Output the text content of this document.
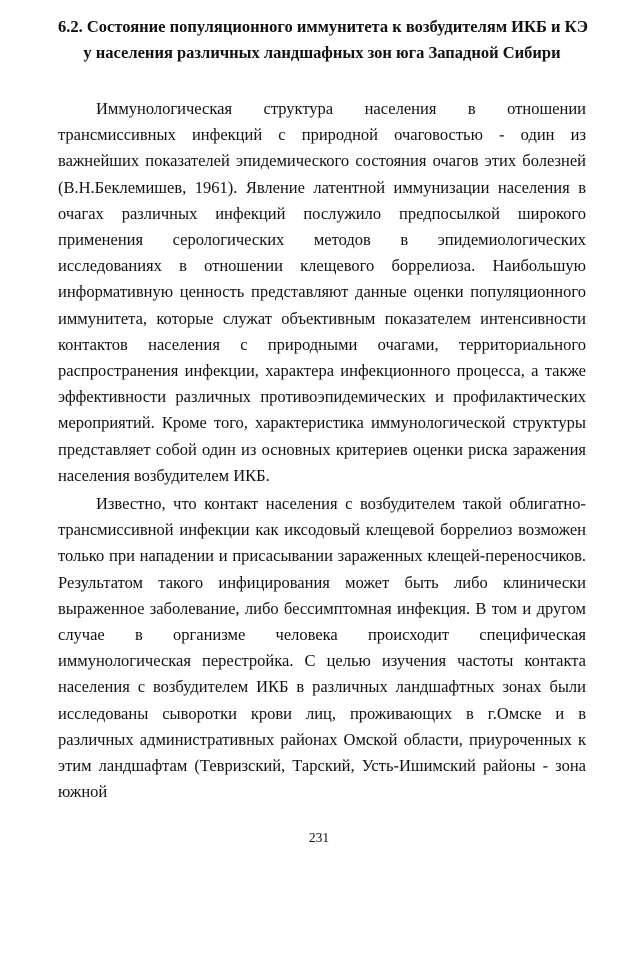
6.2. Состояние популяционного иммунитета к возбудителям ИКБ и КЭ
у населения различных ландшафных зон юга Западной Сибири

Иммунологическая структура населения в отношении трансмиссивных инфекций с природной очаговостью - один из важнейших показателей эпидемического состояния очагов этих болезней (В.Н.Беклемишев, 1961). Явление латентной иммунизации населения в очагах различных инфекций послужило предпосылкой широкого применения серологических методов в эпидемиологических исследованиях в отношении клещевого боррелиоза. Наибольшую информативную ценность представляют данные оценки популяционного иммунитета, которые служат объективным показателем интенсивности контактов населения с природными очагами, территориального распространения инфекции, характера инфекционного процесса, а также эффективности различных противоэпидемических и профилактических мероприятий. Кроме того, характеристика иммунологической структуры представляет собой один из основных критериев оценки риска заражения населения возбудителем ИКБ.

Известно, что контакт населения с возбудителем такой облигатно-трансмиссивной инфекции как иксодовый клещевой боррелиоз возможен только при нападении и присасывании зараженных клещей-переносчиков. Результатом такого инфицирования может быть либо клинически выраженное заболевание, либо бессимптомная инфекция. В том и другом случае в организме человека происходит специфическая иммунологическая перестройка. С целью изучения частоты контакта населения с возбудителем ИКБ в различных ландшафтных зонах были исследованы сыворотки крови лиц, проживающих в г.Омске и в различных административных районах Омской области, приуроченных к этим ландшафтам (Тевризский, Тарский, Усть-Ишимский районы - зона южной

231
